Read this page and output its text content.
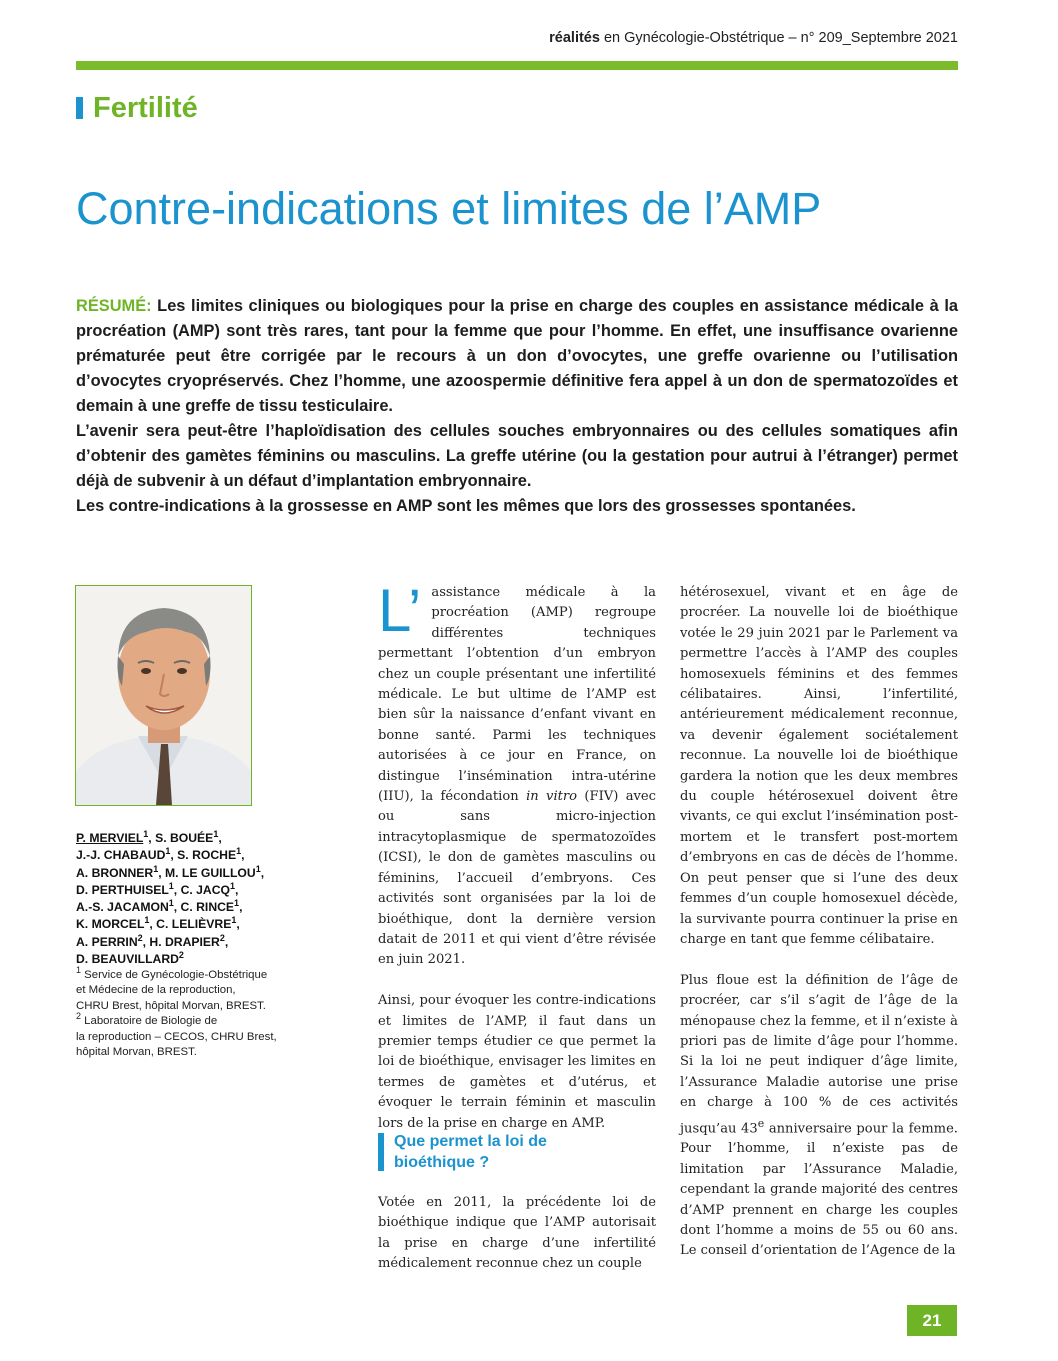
réalités en Gynécologie-Obstétrique – n° 209_Septembre 2021
Fertilité
Contre-indications et limites de l’AMP

RÉSUMÉ: Les limites cliniques ou biologiques pour la prise en charge des couples en assistance médicale à la procréation (AMP) sont très rares, tant pour la femme que pour l’homme. En effet, une insuffisance ovarienne prématurée peut être corrigée par le recours à un don d’ovocytes, une greffe ovarienne ou l’utilisation d’ovocytes cryopréservés. Chez l’homme, une azoospermie définitive fera appel à un don de spermatozoïdes et demain à une greffe de tissu testiculaire.

L’avenir sera peut-être l’haploïdisation des cellules souches embryonnaires ou des cellules somatiques afin d’obtenir des gamètes féminins ou masculins. La greffe utérine (ou la gestation pour autrui à l’étranger) permet déjà de subvenir à un défaut d’implantation embryonnaire.

Les contre-indications à la grossesse en AMP sont les mêmes que lors des grossesses spontanées.

P. MERVIEL$^1$, S. BOUÉE$^1$,
J.-J. CHABAUD$^1$, S. ROCHE$^1$,
A. BRONNER$^1$, M. LE GUILLOU$^1$,
D. PERTHUISEL$^1$, C. JACQ$^1$,
A.-S. JACAMON$^1$, C. RINCE$^1$,
K. MORCEL$^1$, C. LELIÈVRE$^1$,
A. PERRIN$^2$, H. DRAPIER$^2$,
D. BEAUVILLARD$^2$
$^1$ Service de Gynécologie-Obstétrique
et Médecine de la reproduction,
CHRU Brest, hôpital Morvan, BREST.
$^2$ Laboratoire de Biologie de
la reproduction – CECOS, CHRU Brest,
hôpital Morvan, BREST.

L’ assistance médicale à la procréation (AMP) regroupe différentes techniques permettant l’obtention d’un embryon chez un couple présentant une infertilité médicale. Le but ultime de l’AMP est bien sûr la naissance d’enfant vivant en bonne santé. Parmi les techniques autorisées à ce jour en France, on distingue l’insémination intra-utérine (IIU), la fécondation in vitro (FIV) avec ou sans micro-injection intracytoplasmique de spermatozoïdes (ICSI), le don de gamètes masculins ou féminins, l’accueil d’embryons. Ces activités sont organisées par la loi de bioéthique, dont la dernière version datait de 2011 et qui vient d’être révisée en juin 2021.

Ainsi, pour évoquer les contre-indications et limites de l’AMP, il faut dans un premier temps étudier ce que permet la loi de bioéthique, envisager les limites en termes de gamètes et d’utérus, et évoquer le terrain féminin et masculin lors de la prise en charge en AMP.

Que permet la loi de bioéthique ?

Votée en 2011, la précédente loi de bioéthique indique que l’AMP autorisait la prise en charge d’une infertilité médicalement reconnue chez un couple

hétérosexuel, vivant et en âge de procréer. La nouvelle loi de bioéthique votée le 29 juin 2021 par le Parlement va permettre l’accès à l’AMP des couples homosexuels féminins et des femmes célibataires. Ainsi, l’infertilité, antérieurement médicalement reconnue, va devenir également sociétalement reconnue. La nouvelle loi de bioéthique gardera la notion que les deux membres du couple hétérosexuel doivent être vivants, ce qui exclut l’insémination post-mortem et le transfert post-mortem d’embryons en cas de décès de l’homme. On peut penser que si l’une des deux femmes d’un couple homosexuel décède, la survivante pourra continuer la prise en charge en tant que femme célibataire.

Plus floue est la définition de l’âge de procréer, car s’il s’agit de l’âge de la ménopause chez la femme, et il n’existe à priori pas de limite d’âge pour l’homme. Si la loi ne peut indiquer d’âge limite, l’Assurance Maladie autorise une prise en charge à 100 % de ces activités jusqu’au 43e anniversaire pour la femme. Pour l’homme, il n’existe pas de limitation par l’Assurance Maladie, cependant la grande majorité des centres d’AMP prennent en charge les couples dont l’homme a moins de 55 ou 60 ans. Le conseil d’orientation de l’Agence de la

21
